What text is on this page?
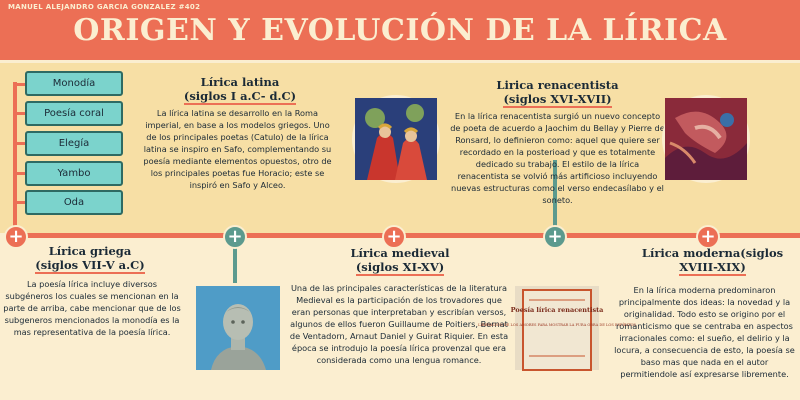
MANUEL ALEJANDRO GARCIA GONZALEZ #402
ORIGEN Y EVOLUCIÓN DE LA LÍRICA
Monodía
Poesía coral
Elegía
Yambo
Oda
+	+	+	+	+
Lírica latina
(siglos I a.C- d.C)
La lírica latina se desarrollo en la Roma imperial, en base a los modelos griegos. Uno de los principales poetas (Catulo) de la lírica latina se inspiro en Safo, complementando su poesía mediante elementos opuestos, otro de los principales poetas fue Horacio; este se inspiró en Safo y Alceo.
Lirica renacentista
(siglos XVI-XVII)
En la lírica renacentista surgió un nuevo concepto de poeta de acuerdo a Jaochim du Bellay y Pierre de Ronsard, lo definieron como: aquel que quiere ser recordado en la posterioad y que es totalmente dedicado su trabajo. El estilo de la lírica renacentista se volvió más artificioso incluyendo nuevas estructuras como el verso endecasílabo y el soneto.
Lírica griega
(siglos VII-V a.C)
La poesía lírica incluye diversos subgéneros los cuales se mencionan en la parte de arriba, cabe mencionar que de los subgeneros mencionados la monodía es la mas representativa de la poesía lírica.
Lírica medieval
(siglos XI-XV)
Una de las principales características de la literatura Medieval es la participación de los trovadores que eran personas que interpretaban y escribían versos, algunos de ellos fueron Guillaume de Poitiers, Bernat de Ventadorn, Arnaut Daniel y Guirat Riquier. En esta época se introdujo la poesía lírica provenzal que era considerada como una lengua romance.
Lírica moderna(siglos
XVIII-XIX)
En la lírica moderna predominaron principalmente dos ideas: la novedad y la originalidad. Todo esto se origino por el romanticismo que se centraba en aspectos irracionales como: el sueño, el delirio y la locura, a consecuencia de esto, la poesía se baso mas que nada en el autor permitiendole así expresarse libremente.
Poesía lírica renacentista
LIBERACIÓN DE LOS AMORES PARA MOSTRAR LA PURA OBRA DE LOS ESPÍRITUS
